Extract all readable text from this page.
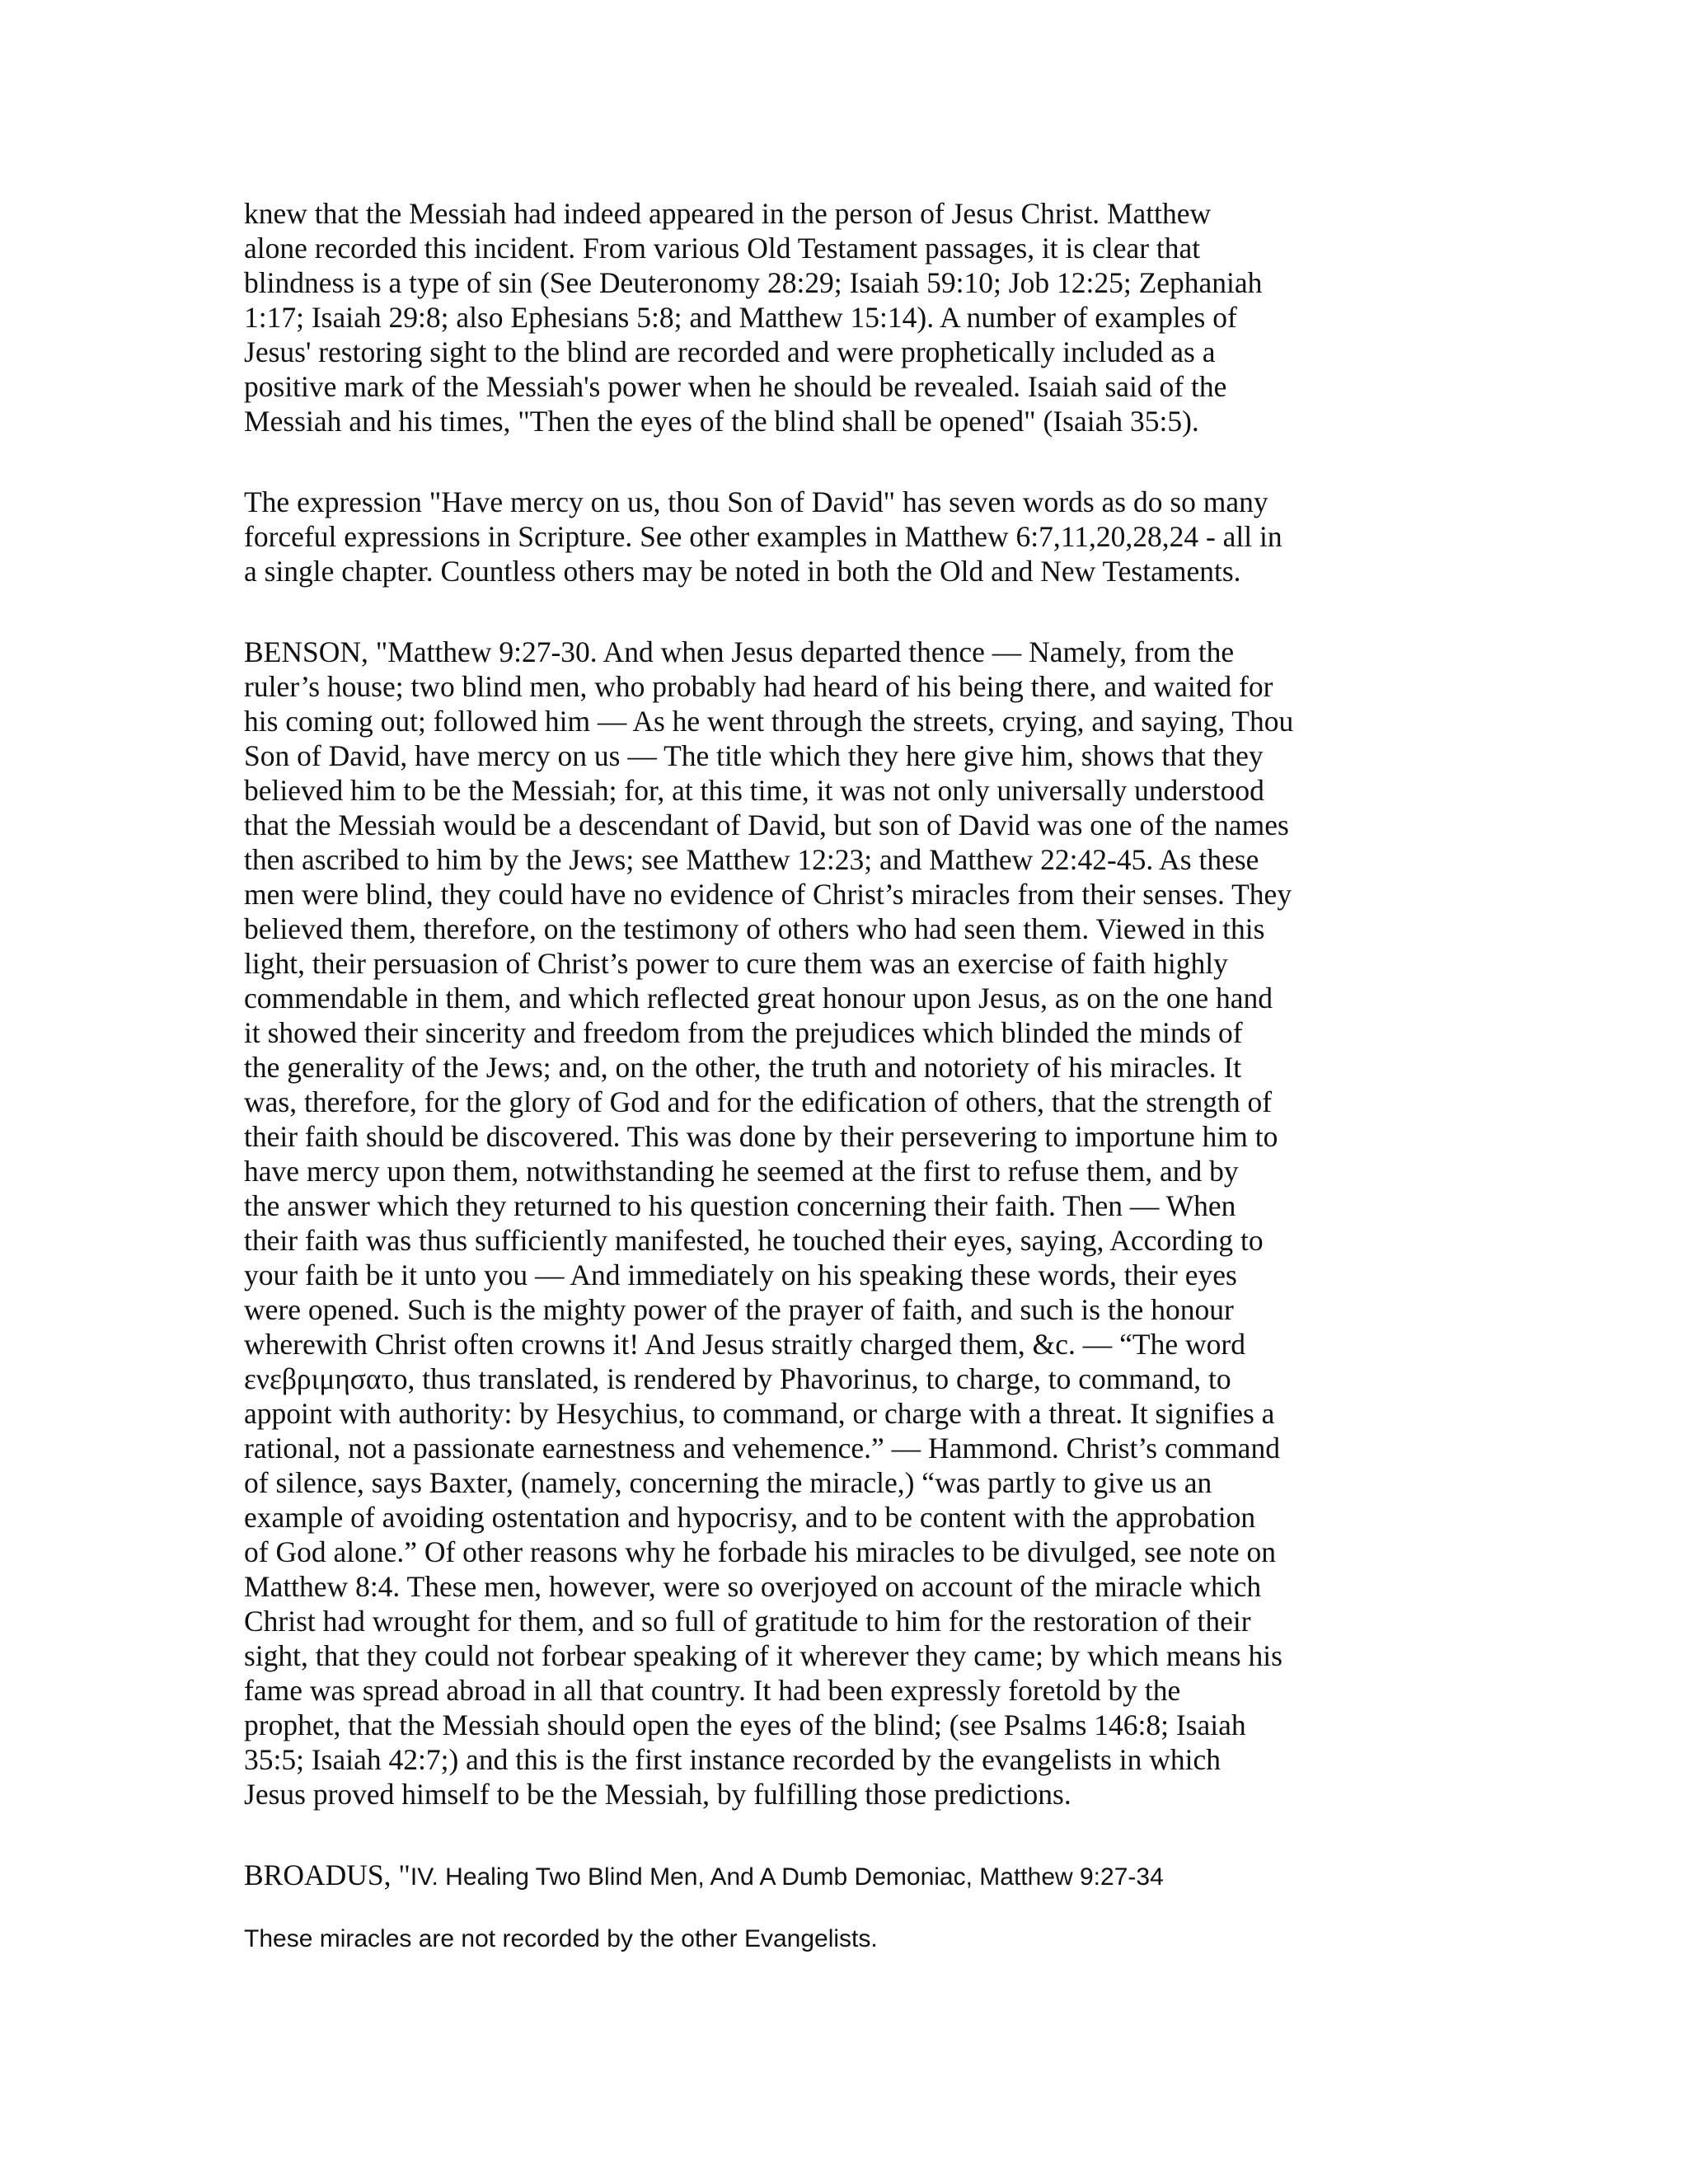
knew that the Messiah had indeed appeared in the person of Jesus Christ. Matthew
alone recorded this incident. From various Old Testament passages, it is clear that
blindness is a type of sin (See Deuteronomy 28:29; Isaiah 59:10; Job 12:25; Zephaniah
1:17; Isaiah 29:8; also Ephesians 5:8; and Matthew 15:14). A number of examples of
Jesus' restoring sight to the blind are recorded and were prophetically included as a
positive mark of the Messiah's power when he should be revealed. Isaiah said of the
Messiah and his times, "Then the eyes of the blind shall be opened" (Isaiah 35:5).

The expression "Have mercy on us, thou Son of David" has seven words as do so many
forceful expressions in Scripture. See other examples in Matthew 6:7,11,20,28,24 - all in
a single chapter. Countless others may be noted in both the Old and New Testaments.

BENSON, "Matthew 9:27-30. And when Jesus departed thence — Namely, from the
ruler’s house; two blind men, who probably had heard of his being there, and waited for
his coming out; followed him — As he went through the streets, crying, and saying, Thou
Son of David, have mercy on us — The title which they here give him, shows that they
believed him to be the Messiah; for, at this time, it was not only universally understood
that the Messiah would be a descendant of David, but son of David was one of the names
then ascribed to him by the Jews; see Matthew 12:23; and Matthew 22:42-45. As these
men were blind, they could have no evidence of Christ’s miracles from their senses. They
believed them, therefore, on the testimony of others who had seen them. Viewed in this
light, their persuasion of Christ’s power to cure them was an exercise of faith highly
commendable in them, and which reflected great honour upon Jesus, as on the one hand
it showed their sincerity and freedom from the prejudices which blinded the minds of
the generality of the Jews; and, on the other, the truth and notoriety of his miracles. It
was, therefore, for the glory of God and for the edification of others, that the strength of
their faith should be discovered. This was done by their persevering to importune him to
have mercy upon them, notwithstanding he seemed at the first to refuse them, and by
the answer which they returned to his question concerning their faith. Then — When
their faith was thus sufficiently manifested, he touched their eyes, saying, According to
your faith be it unto you — And immediately on his speaking these words, their eyes
were opened. Such is the mighty power of the prayer of faith, and such is the honour
wherewith Christ often crowns it! And Jesus straitly charged them, &c. — “The word
ενεβριμησατο, thus translated, is rendered by Phavorinus, to charge, to command, to
appoint with authority: by Hesychius, to command, or charge with a threat. It signifies a
rational, not a passionate earnestness and vehemence.” — Hammond. Christ’s command
of silence, says Baxter, (namely, concerning the miracle,) “was partly to give us an
example of avoiding ostentation and hypocrisy, and to be content with the approbation
of God alone.” Of other reasons why he forbade his miracles to be divulged, see note on
Matthew 8:4. These men, however, were so overjoyed on account of the miracle which
Christ had wrought for them, and so full of gratitude to him for the restoration of their
sight, that they could not forbear speaking of it wherever they came; by which means his
fame was spread abroad in all that country. It had been expressly foretold by the
prophet, that the Messiah should open the eyes of the blind; (see Psalms 146:8; Isaiah
35:5; Isaiah 42:7;) and this is the first instance recorded by the evangelists in which
Jesus proved himself to be the Messiah, by fulfilling those predictions.

BROADUS, "IV. Healing Two Blind Men, And A Dumb Demoniac, Matthew 9:27-34

These miracles are not recorded by the other Evangelists.
